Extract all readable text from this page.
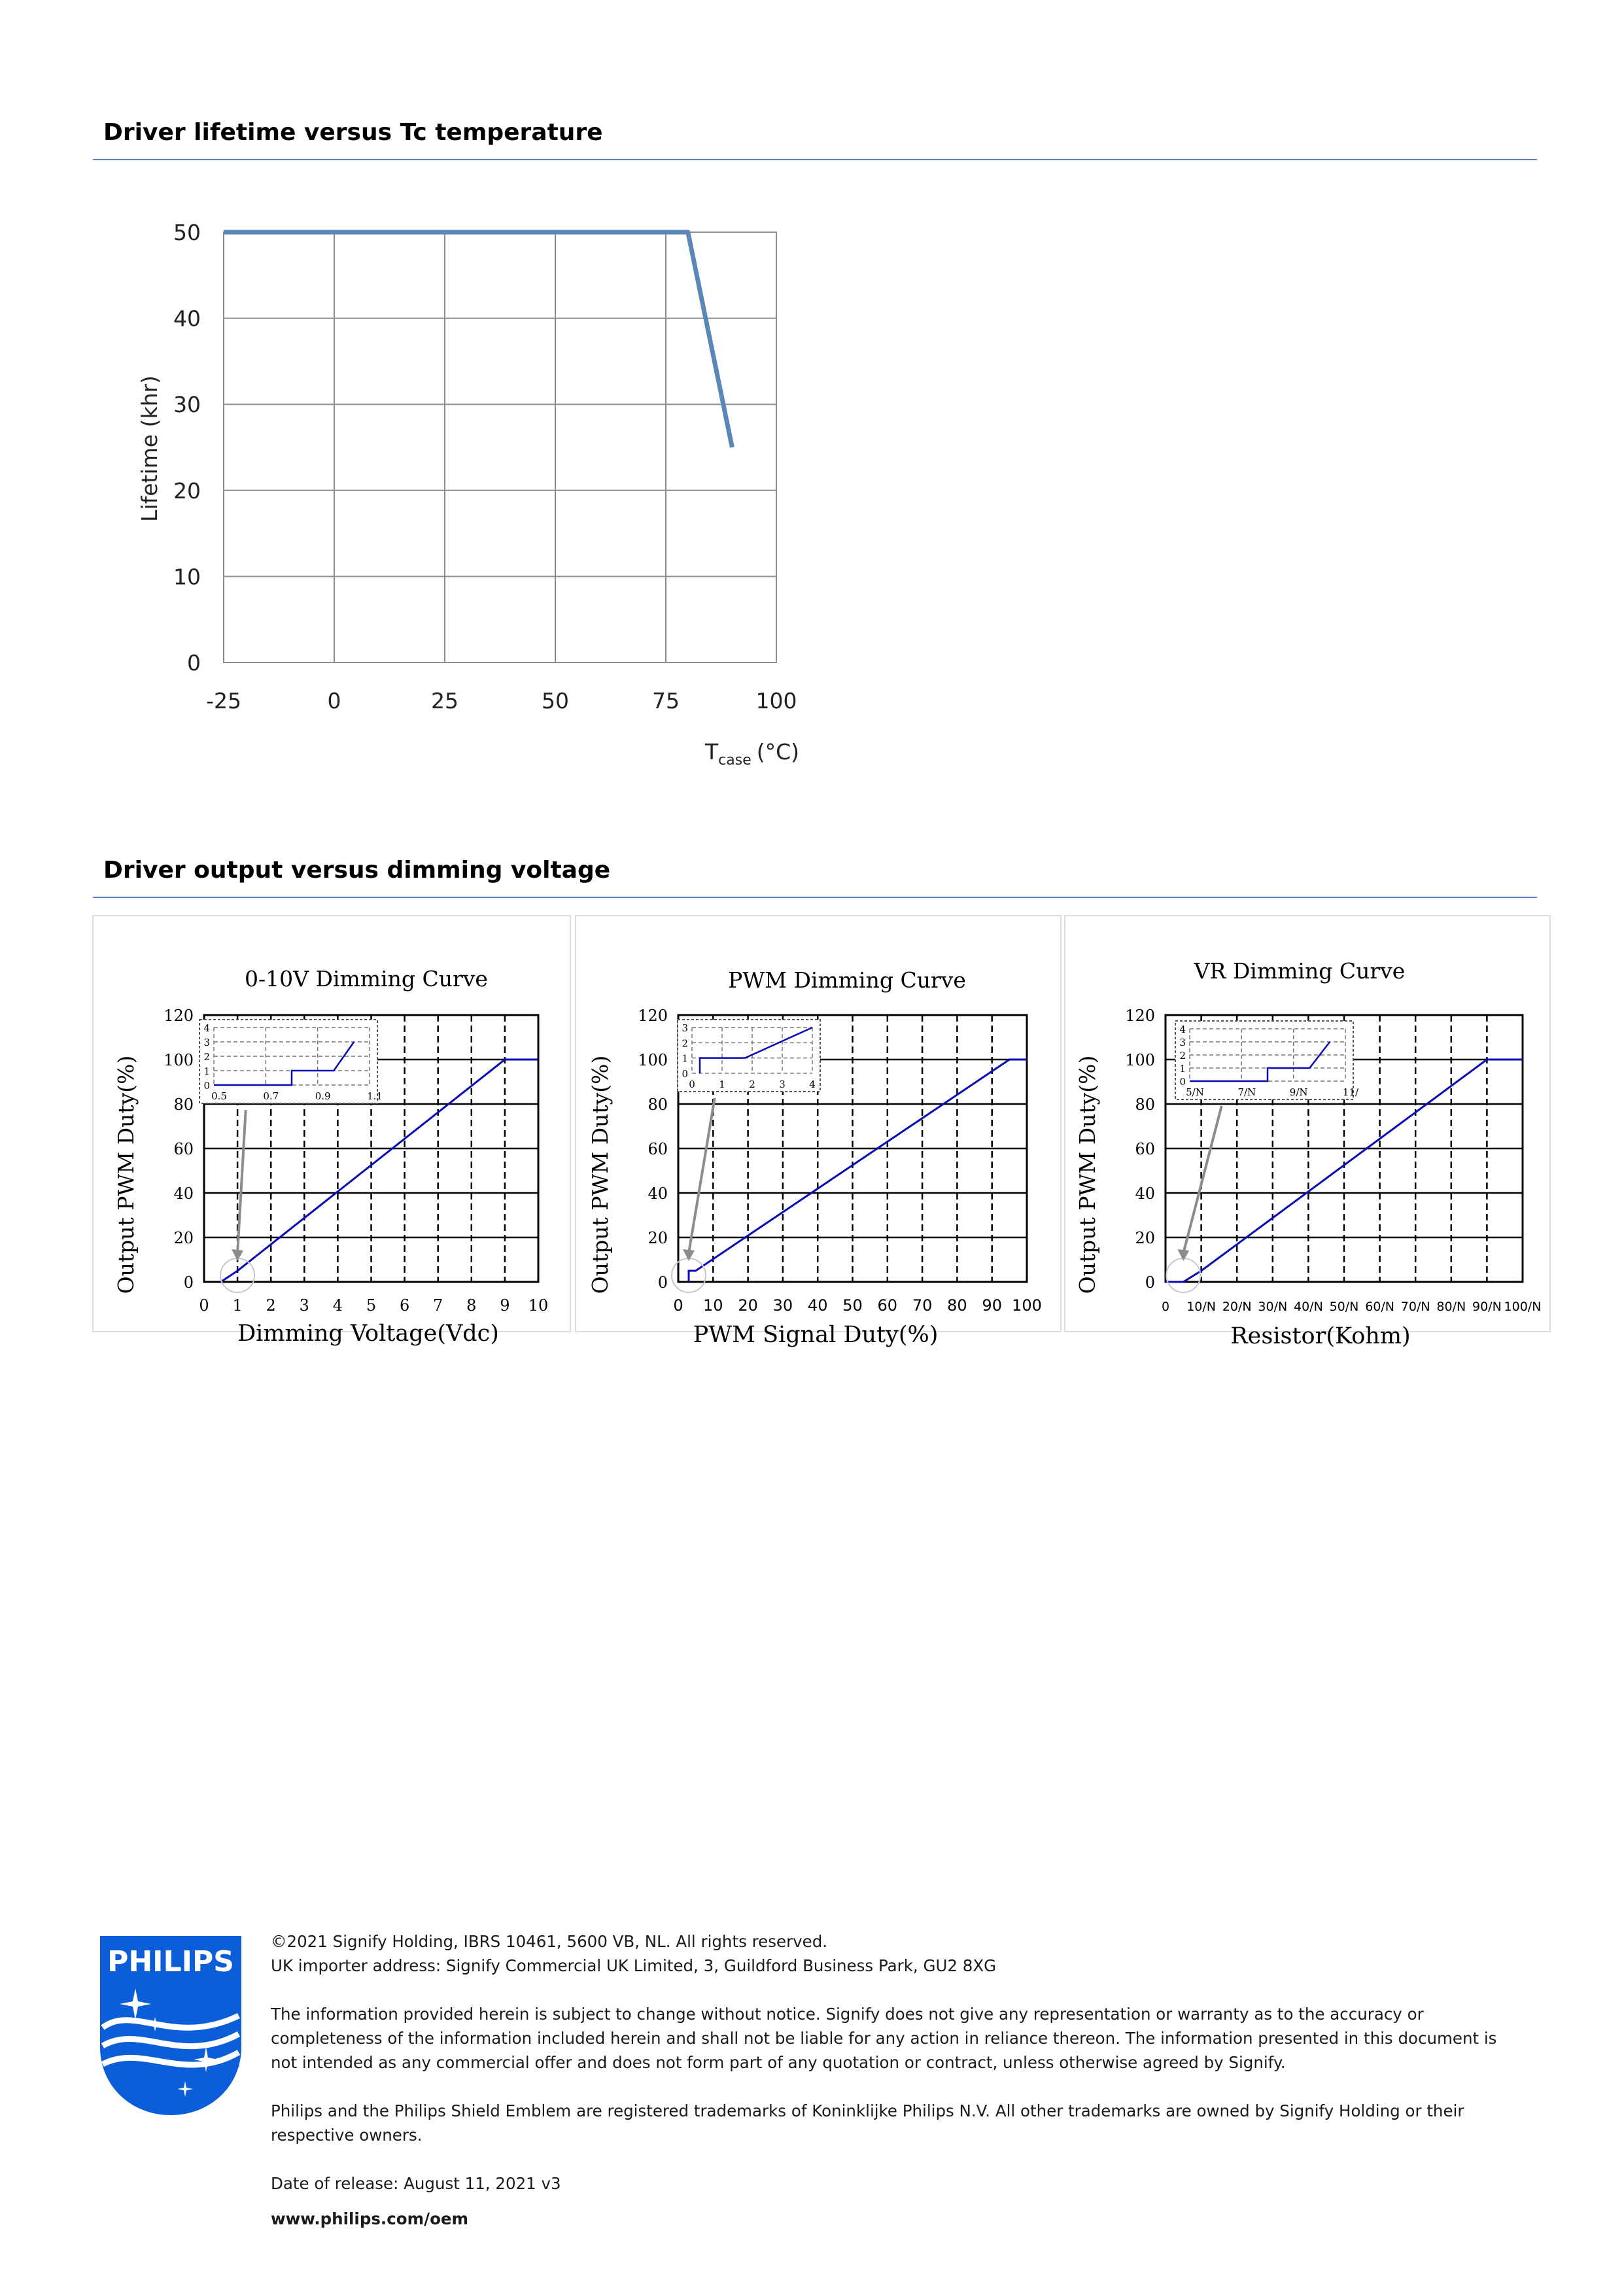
Driver lifetime versus Tc temperature
0
10
20
30
40
50
-25	0	25	50	75	100
Lifetime (khr)
$T_{case}$ (°C)
Driver output versus dimming voltage
0
20
40
60
80
100
120
0 1 2 3 4 5 6 7 8 9 10
0
1
2
3
4
0.5	0.7	0.9	1.1
0-10V Dimming Curve
Dimming Voltage(Vdc)
Output PWM Duty(%)	0
20
40
60
80
100
120
0 10 20 30 40 50 60 70 80 90 100
0
1
2
3
0 1 2 3 4
PWM Dimming Curve
PWM Signal Duty(%)
Output PWM Duty(%)	0
20
40
60
80
100
120
0 10/N 20/N 30/N 40/N 50/N 60/N 70/N 80/N 90/N 100/N
0
1
2
3
4
5/N	7/N	9/N	11/
VR Dimming Curve
Resistor(Kohm)
Output PWM Duty(%)
PHILIPS

©2021 Signify Holding, IBRS 10461, 5600 VB, NL. All rights reserved.

UK importer address: Signify Commercial UK Limited, 3, Guildford Business Park, GU2 8XG

The information provided herein is subject to change without notice. Signify does not give any representation or warranty as to the accuracy or completeness of the information included herein and shall not be liable for any action in reliance thereon. The information presented in this document is not intended as any commercial offer and does not form part of any quotation or contract, unless otherwise agreed by Signify.

Philips and the Philips Shield Emblem are registered trademarks of Koninklijke Philips N.V. All other trademarks are owned by Signify Holding or their respective owners.

Date of release: August 11, 2021 v3

www.philips.com/oem
